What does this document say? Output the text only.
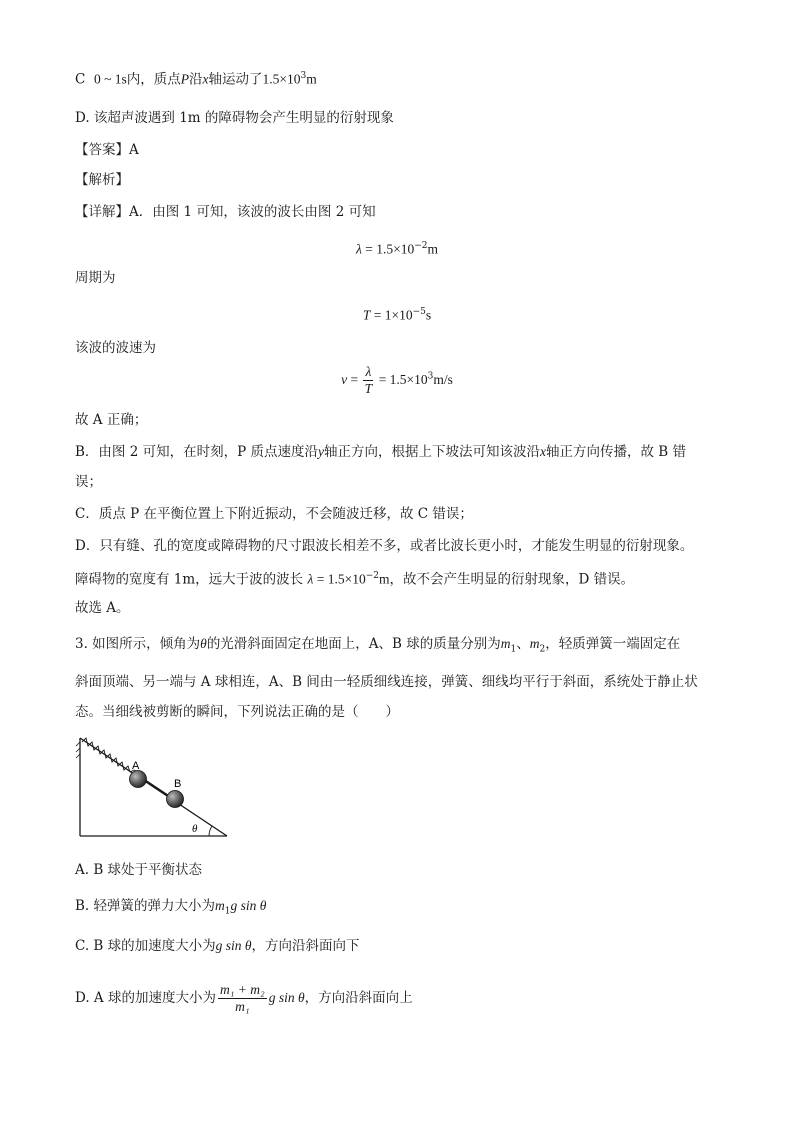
C 0 ~ 1s内，质点P沿x轴运动了$1.5\times 10^3m$
D. 该超声波遇到 1m 的障碍物会产生明显的衍射现象
【答案】A
【解析】
【详解】A．由图 1 可知，该波的波长由图 2 可知
$\lambda = 1.5\times 10^{-2}m$
周期为
$T = 1\times 10^{-5}s$
该波的波速为
$v = \frac{\lambda}{T} = 1.5\times 10^3m/s$
故 A 正确；
B．由图 2 可知，在时刻，P 质点速度沿y轴正方向，根据上下坡法可知该波沿x轴正方向传播，故 B 错
误；
C．质点 P 在平衡位置上下附近振动，不会随波迁移，故 C 错误；
D．只有缝、孔的宽度或障碍物的尺寸跟波长相差不多，或者比波长更小时，才能发生明显的衍射现象。
障碍物的宽度有 1m，远大于波的波长 $\lambda = 1.5\times 10^{-2}m$，故不会产生明显的衍射现象，D 错误。
故选 A。
3. 如图所示，倾角为θ的光滑斜面固定在地面上，A、B 球的质量分别为$m_1$、$m_2$，轻质弹簧一端固定在
斜面顶端、另一端与 A 球相连，A、B 间由一轻质细线连接，弹簧、细线均平行于斜面，系统处于静止状
态。当细线被剪断的瞬间，下列说法正确的是（　　）
A
B
θ
A. B 球处于平衡状态
B. 轻弹簧的弹力大小为$m_1g$ sin θ
C. B 球的加速度大小为g sin θ，方向沿斜面向下
D. A 球的加速度大小为 $\frac{\text{m₁ + m₂}}{\text{m₁}}$ g sin θ，方向沿斜面向上
